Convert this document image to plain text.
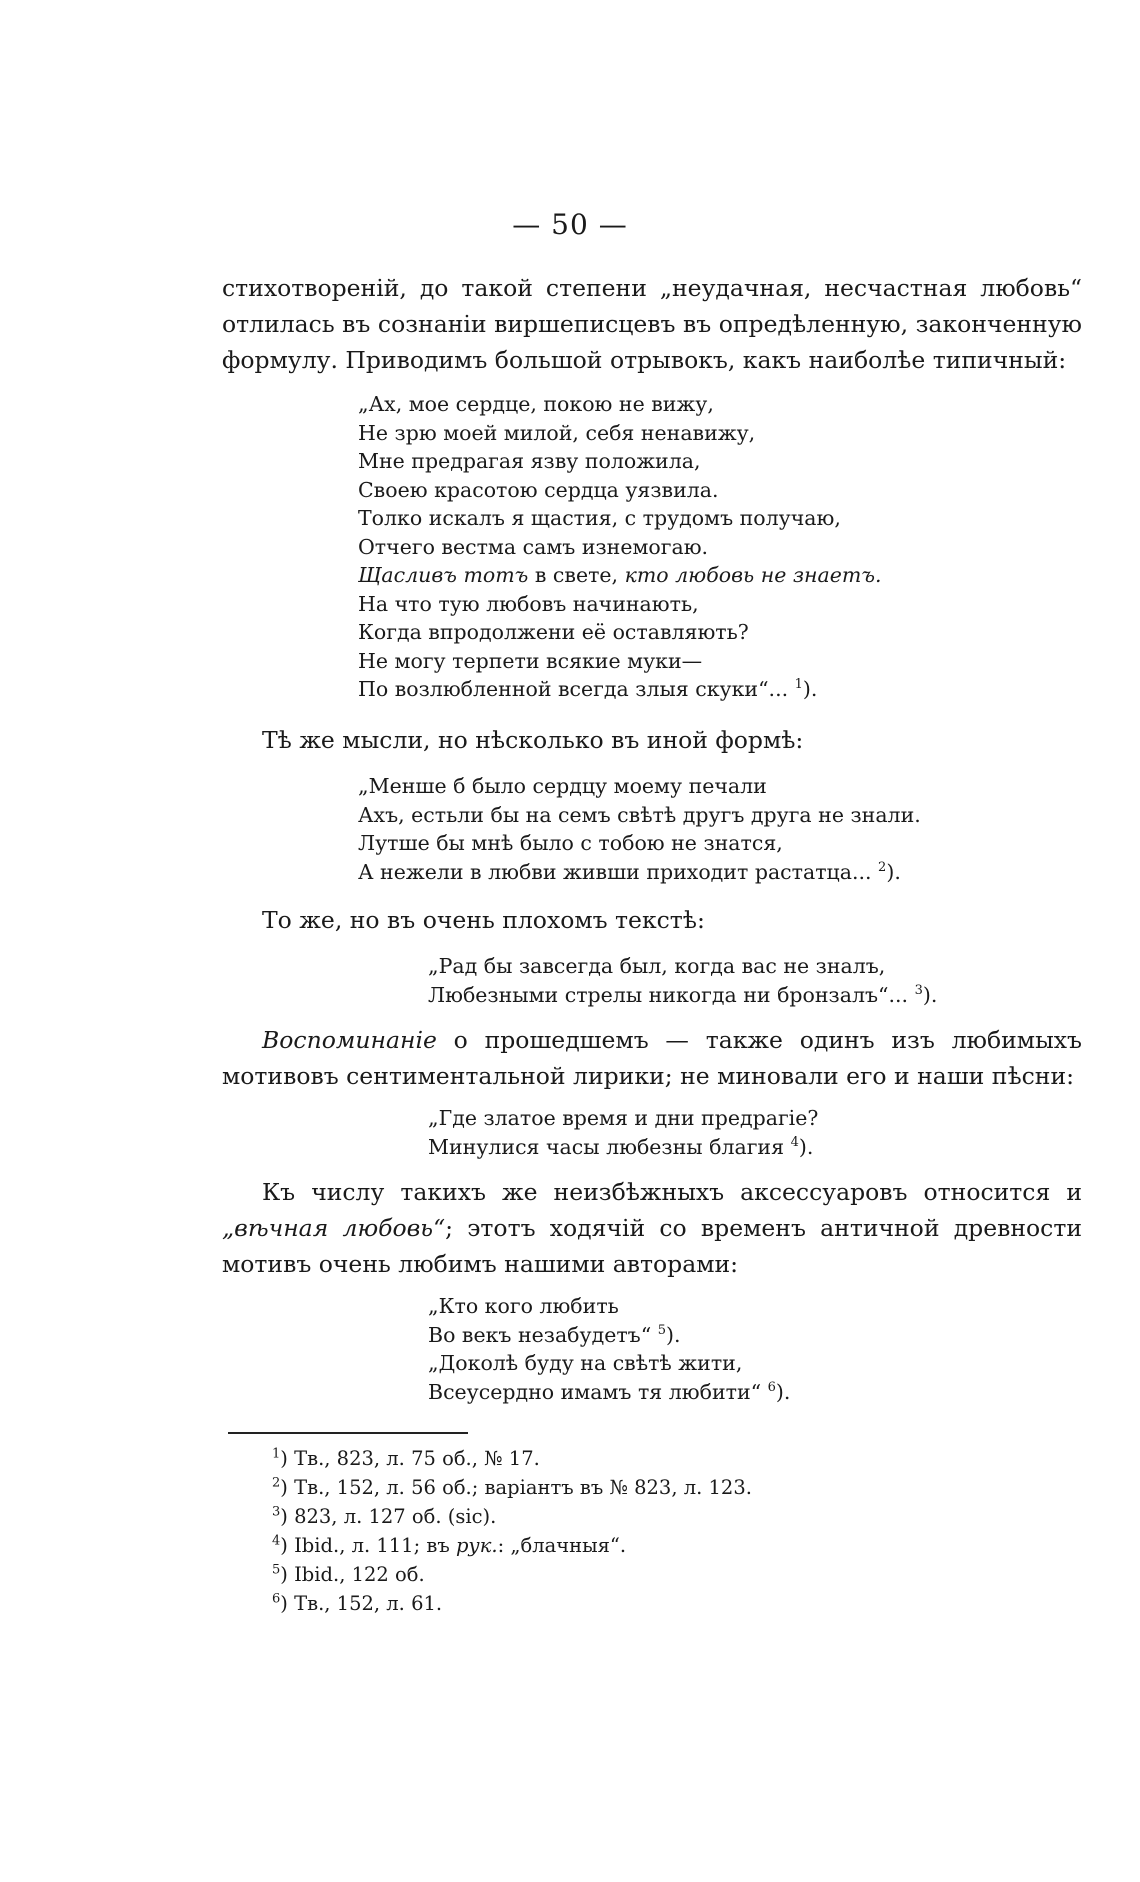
— 50 —
стихотворенiй, до такой степени „неудачная, несчастная любовь“ отлилась въ сознанiи виршеписцевъ въ опредѣленную, законченную формулу. Приводимъ большой отрывокъ, какъ наиболѣе типичный:
„Ах, мое сердце, покою не вижу,
Не зрю моей милой, себя ненавижу,
Мне предрагая язву положила,
Своею красотою сердца уязвила.
Толко искалъ я щастия, с трудомъ получаю,
Отчего вестма самъ изнемогаю.
Щасливъ тотъ в свете, кто любовь не знаетъ.
На что тую любовъ начинають,
Когда впродолжени её оставляють?
Не могу терпети всякие муки—
По возлюбленной всегда злыя скуки“... $^1$).
Тѣ же мысли, но нѣсколько въ иной формѣ:
„Менше б было сердцу моему печали
Ахъ, естьли бы на семъ свѣтѣ другъ друга не знали.
Лутше бы мнѣ было с тобою не знатся,
А нежели в любви живши приходит растатца... $^2$).
То же, но въ очень плохомъ текстѣ:
„Рад бы завсегда был, когда вас не зналъ,
Любезными стрелы никогда ни бронзалъ“... $^3$).
Воспоминанiе о прошедшемъ — также одинъ изъ любимыхъ мотивовъ сентиментальной лирики; не миновали его и наши пѣсни:
„Где златое время и дни предрагiе?
Минулися часы любезны благия $^4$).
Къ числу такихъ же неизбѣжныхъ аксессуаровъ относится и „вѣчная любовь“; этотъ ходячiй со временъ античной древности мотивъ очень любимъ нашими авторами:
„Кто кого любить
Во векъ незабудетъ“ $^5$).
„Доколѣ буду на свѣтѣ жити,
Всеусердно имамъ тя любити“ $^6$).
$^1$) Тв., 823, л. 75 об., № 17.
$^2$) Тв., 152, л. 56 об.; варiантъ въ № 823, л. 123.
$^3$) 823, л. 127 об. (sic).
$^4$) Ibid., л. 111; въ рук.: „блачныя“.
$^5$) Ibid., 122 об.
$^6$) Тв., 152, л. 61.
